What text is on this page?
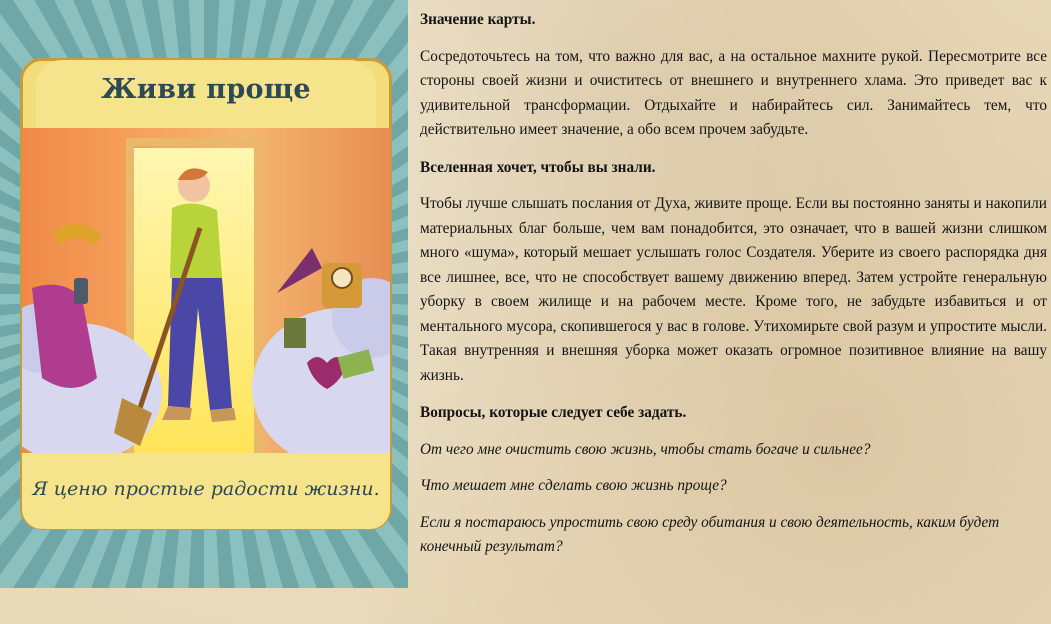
Живи проще
Я ценю простые радости жизни.

Значение карты.

Сосредоточьтесь на том, что важно для вас, а на остальное махните рукой. Пересмотрите все стороны своей жизни и очиститесь от внешнего и внутреннего хлама. Это приведет вас к удивительной трансформации. Отдыхайте и набирайтесь сил. Занимайтесь тем, что действительно имеет значение, а обо всем прочем забудьте.

Вселенная хочет, чтобы вы знали.

Чтобы лучше слышать послания от Духа, живите проще. Если вы постоянно заняты и накопили материальных благ больше, чем вам понадобится, это означает, что в вашей жизни слишком много «шума», который мешает услышать голос Создателя. Уберите из своего распорядка дня все лишнее, все, что не способствует вашему движению вперед. Затем устройте генеральную уборку в своем жилище и на рабочем месте. Кроме того, не забудьте избавиться и от ментального мусора, скопившегося у вас в голове. Утихомирьте свой разум и упростите мысли. Такая внутренняя и внешняя уборка может оказать огромное позитивное влияние на вашу жизнь.

Вопросы, которые следует себе задать.

От чего мне очистить свою жизнь, чтобы стать богаче и сильнее?

Что мешает мне сделать свою жизнь проще?

Если я постараюсь упростить свою среду обитания и свою деятельность, каким будет конечный результат?
